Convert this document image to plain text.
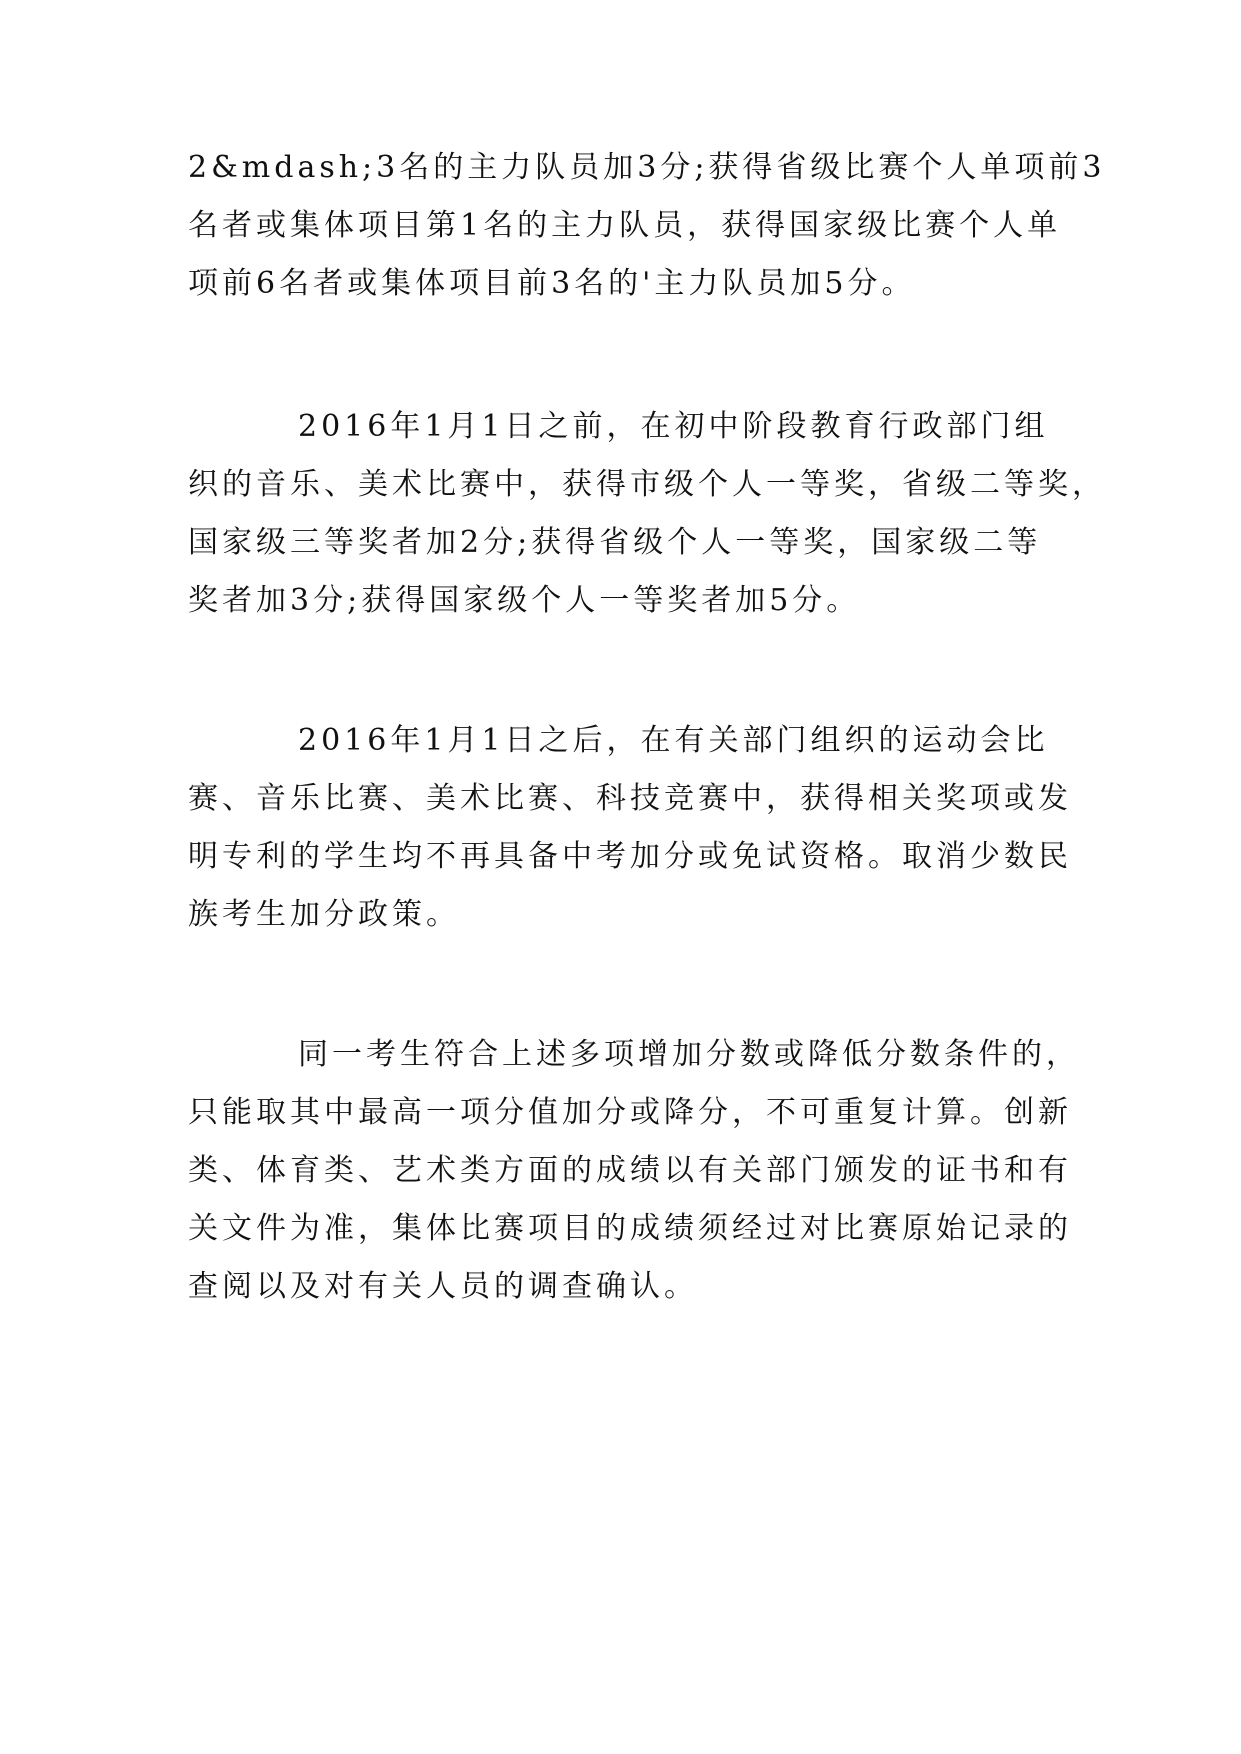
2&mdash;3名的主力队员加3分;获得省级比赛个人单项前3
名者或集体项目第1名的主力队员，获得国家级比赛个人单
项前6名者或集体项目前3名的'主力队员加5分。
2016年1月1日之前，在初中阶段教育行政部门组
织的音乐、美术比赛中，获得市级个人一等奖，省级二等奖，
国家级三等奖者加2分;获得省级个人一等奖，国家级二等
奖者加3分;获得国家级个人一等奖者加5分。
2016年1月1日之后，在有关部门组织的运动会比
赛、音乐比赛、美术比赛、科技竞赛中，获得相关奖项或发
明专利的学生均不再具备中考加分或免试资格。取消少数民
族考生加分政策。
同一考生符合上述多项增加分数或降低分数条件的，
只能取其中最高一项分值加分或降分，不可重复计算。创新
类、体育类、艺术类方面的成绩以有关部门颁发的证书和有
关文件为准，集体比赛项目的成绩须经过对比赛原始记录的
查阅以及对有关人员的调查确认。
